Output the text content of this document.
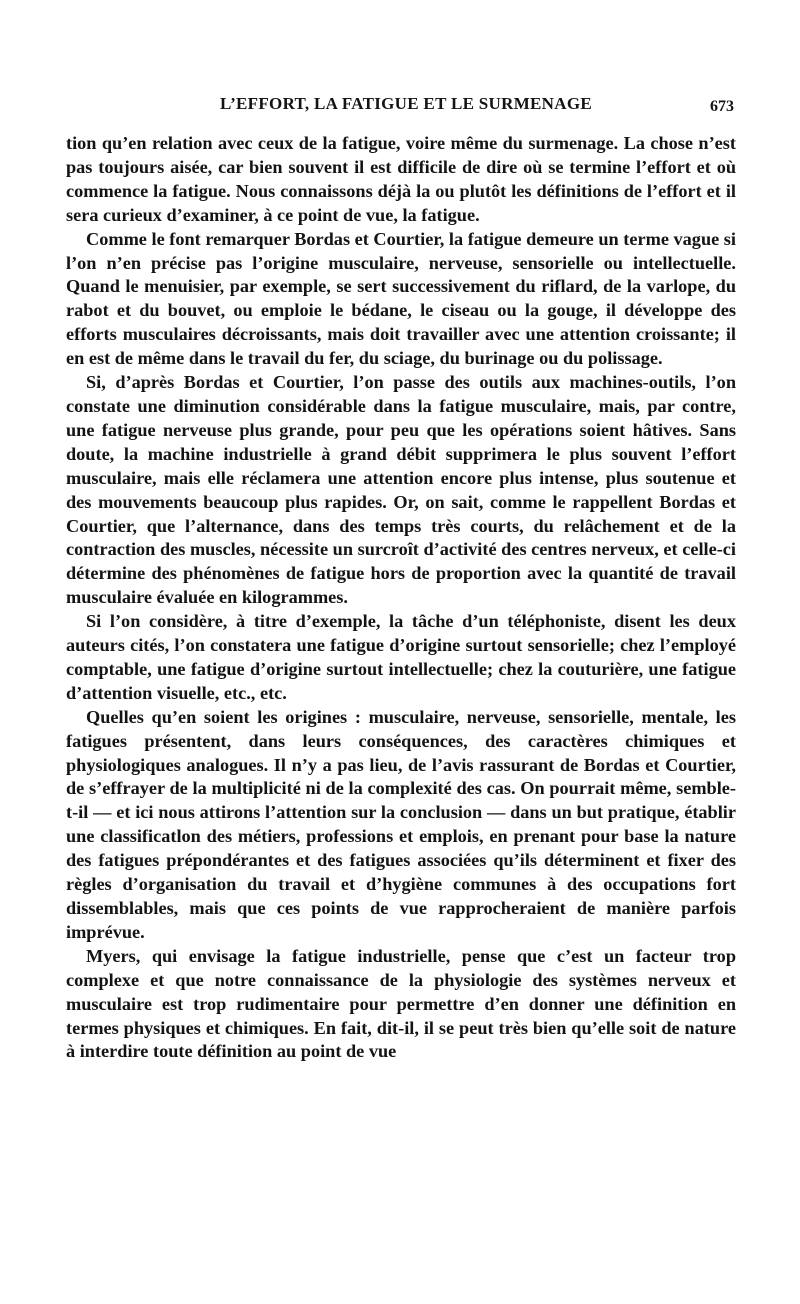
L’EFFORT, LA FATIGUE ET LE SURMENAGE	673

tion qu’en relation avec ceux de la fatigue, voire même du surmenage. La chose n’est pas toujours aisée, car bien souvent il est difficile de dire où se termine l’effort et où commence la fatigue. Nous connaissons déjà la ou plutôt les définitions de l’effort et il sera curieux d’examiner, à ce point de vue, la fatigue.

Comme le font remarquer Bordas et Courtier, la fatigue demeure un terme vague si l’on n’en précise pas l’origine musculaire, nerveuse, sensorielle ou intellectuelle. Quand le menuisier, par exemple, se sert successivement du riflard, de la varlope, du rabot et du bouvet, ou emploie le bédane, le ciseau ou la gouge, il développe des efforts musculaires décroissants, mais doit travailler avec une attention croissante; il en est de même dans le travail du fer, du sciage, du burinage ou du polissage.

Si, d’après Bordas et Courtier, l’on passe des outils aux machines-outils, l’on constate une diminution considérable dans la fatigue musculaire, mais, par contre, une fatigue nerveuse plus grande, pour peu que les opérations soient hâtives. Sans doute, la machine industrielle à grand débit supprimera le plus souvent l’effort musculaire, mais elle réclamera une attention encore plus intense, plus soutenue et des mouvements beaucoup plus rapides. Or, on sait, comme le rappellent Bordas et Courtier, que l’alternance, dans des temps très courts, du relâchement et de la contraction des muscles, nécessite un surcroît d’activité des centres nerveux, et celle-ci détermine des phénomènes de fatigue hors de proportion avec la quantité de travail musculaire évaluée en kilogrammes.

Si l’on considère, à titre d’exemple, la tâche d’un téléphoniste, disent les deux auteurs cités, l’on constatera une fatigue d’origine surtout sensorielle; chez l’employé comptable, une fatigue d’origine surtout intellectuelle; chez la couturière, une fatigue d’attention visuelle, etc., etc.

Quelles qu’en soient les origines : musculaire, nerveuse, sensorielle, mentale, les fatigues présentent, dans leurs conséquences, des caractères chimiques et physiologiques analogues. Il n’y a pas lieu, de l’avis rassurant de Bordas et Courtier, de s’effrayer de la multiplicité ni de la complexité des cas. On pourrait même, semble-t-il — et ici nous attirons l’attention sur la conclusion — dans un but pratique, établir une classificatlon des métiers, professions et emplois, en prenant pour base la nature des fatigues prépondérantes et des fatigues associées qu’ils déterminent et fixer des règles d’organisation du travail et d’hygiène communes à des occupations fort dissemblables, mais que ces points de vue rapprocheraient de manière parfois imprévue.

Myers, qui envisage la fatigue industrielle, pense que c’est un facteur trop complexe et que notre connaissance de la physiologie des systèmes nerveux et musculaire est trop rudimentaire pour permettre d’en donner une définition en termes physiques et chimiques. En fait, dit-il, il se peut très bien qu’elle soit de nature à interdire toute définition au point de vue
